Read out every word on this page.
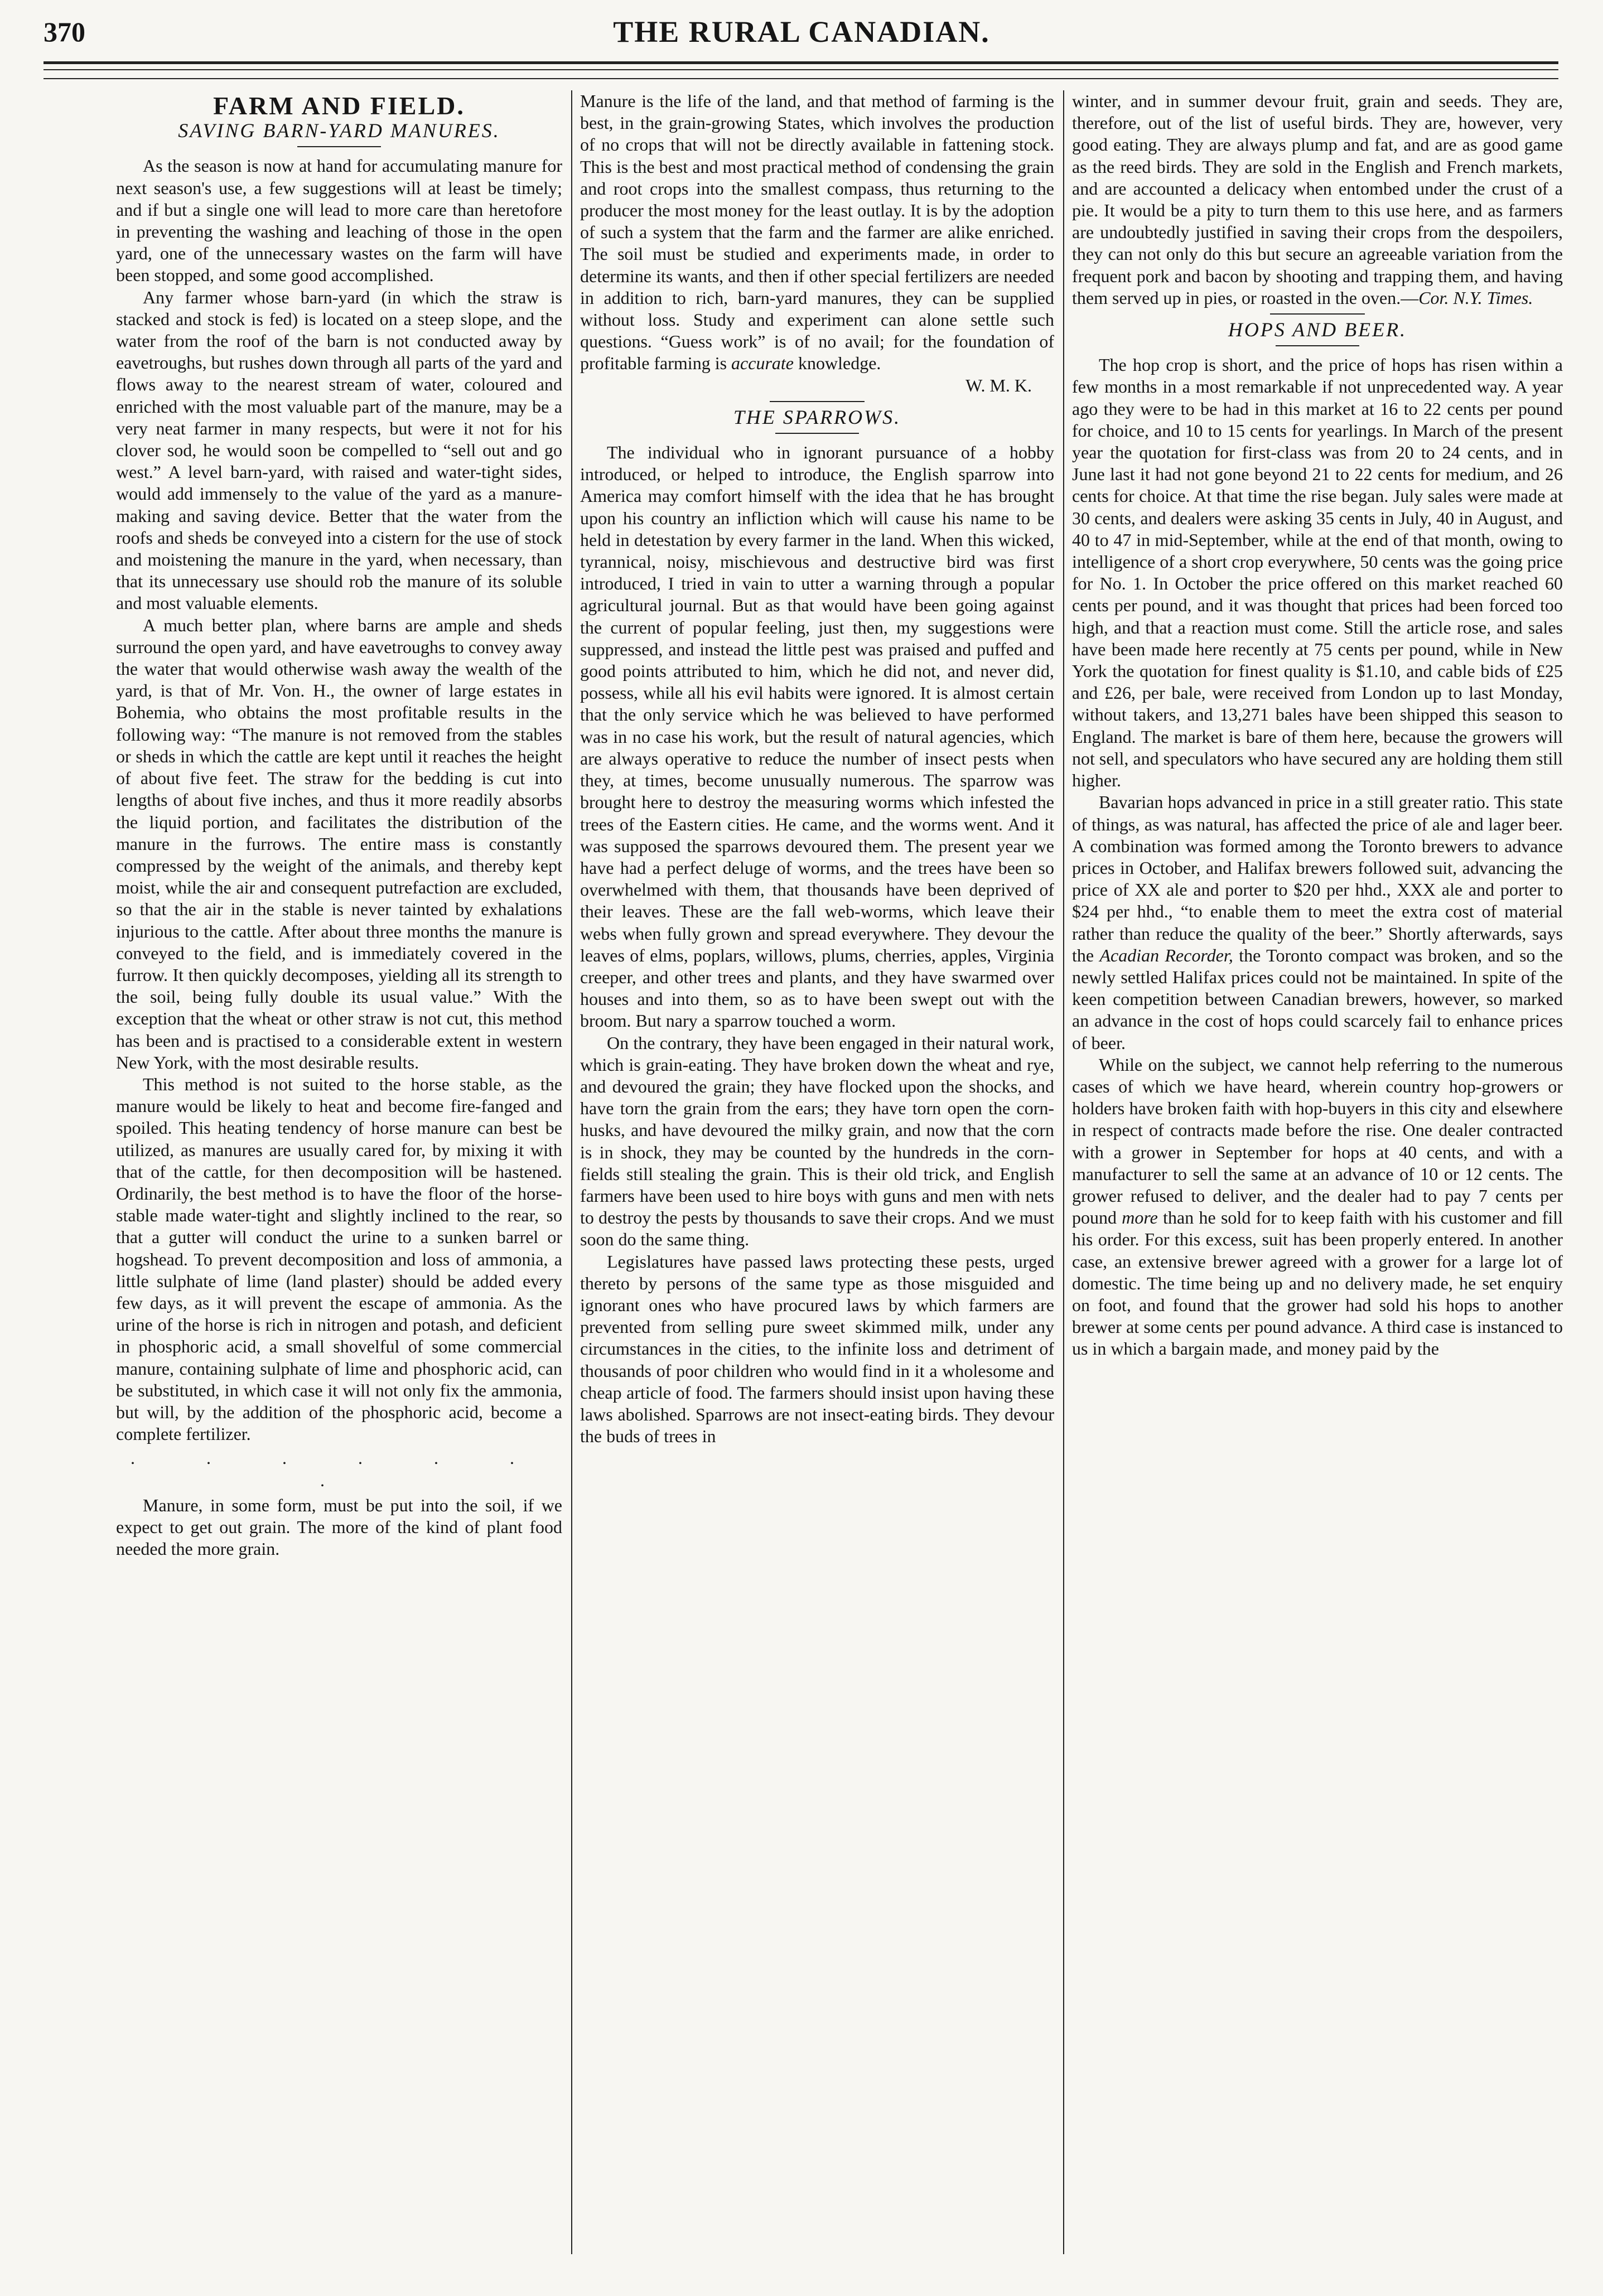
370	THE RURAL CANADIAN.
FARM AND FIELD.
SAVING BARN-YARD MANURES.

As the season is now at hand for accumulating manure for next season's use, a few suggestions will at least be timely; and if but a single one will lead to more care than heretofore in preventing the washing and leaching of those in the open yard, one of the unnecessary wastes on the farm will have been stopped, and some good accomplished.

Any farmer whose barn-yard (in which the straw is stacked and stock is fed) is located on a steep slope, and the water from the roof of the barn is not conducted away by eavetroughs, but rushes down through all parts of the yard and flows away to the nearest stream of water, coloured and enriched with the most valuable part of the manure, may be a very neat farmer in many respects, but were it not for his clover sod, he would soon be compelled to “sell out and go west.” A level barn-yard, with raised and water-tight sides, would add immensely to the value of the yard as a manure-making and saving device. Better that the water from the roofs and sheds be conveyed into a cistern for the use of stock and moistening the manure in the yard, when necessary, than that its unnecessary use should rob the manure of its soluble and most valuable elements.

A much better plan, where barns are ample and sheds surround the open yard, and have eavetroughs to convey away the water that would otherwise wash away the wealth of the yard, is that of Mr. Von. H., the owner of large estates in Bohemia, who obtains the most profitable results in the following way: “The manure is not removed from the stables or sheds in which the cattle are kept until it reaches the height of about five feet. The straw for the bedding is cut into lengths of about five inches, and thus it more readily absorbs the liquid portion, and facilitates the distribution of the manure in the furrows. The entire mass is constantly compressed by the weight of the animals, and thereby kept moist, while the air and consequent putrefaction are excluded, so that the air in the stable is never tainted by exhalations injurious to the cattle. After about three months the manure is conveyed to the field, and is immediately covered in the furrow. It then quickly decomposes, yielding all its strength to the soil, being fully double its usual value.” With the exception that the wheat or other straw is not cut, this method has been and is practised to a considerable extent in western New York, with the most desirable results.

This method is not suited to the horse stable, as the manure would be likely to heat and become fire-fanged and spoiled. This heating tendency of horse manure can best be utilized, as manures are usually cared for, by mixing it with that of the cattle, for then decomposition will be hastened. Ordinarily, the best method is to have the floor of the horse-stable made water-tight and slightly inclined to the rear, so that a gutter will conduct the urine to a sunken barrel or hogshead. To prevent decomposition and loss of ammonia, a little sulphate of lime (land plaster) should be added every few days, as it will prevent the escape of ammonia. As the urine of the horse is rich in nitrogen and potash, and deficient in phosphoric acid, a small shovelful of some commercial manure, containing sulphate of lime and phosphoric acid, can be substituted, in which case it will not only fix the ammonia, but will, by the addition of the phosphoric acid, become a complete fertilizer.

. . . . . . .

Manure, in some form, must be put into the soil, if we expect to get out grain. The more of the kind of plant food needed the more grain.

Manure is the life of the land, and that method of farming is the best, in the grain-growing States, which involves the production of no crops that will not be directly available in fattening stock. This is the best and most practical method of condensing the grain and root crops into the smallest compass, thus returning to the producer the most money for the least outlay. It is by the adoption of such a system that the farm and the farmer are alike enriched. The soil must be studied and experiments made, in order to determine its wants, and then if other special fertilizers are needed in addition to rich, barn-yard manures, they can be supplied without loss. Study and experiment can alone settle such questions. “Guess work” is of no avail; for the foundation of profitable farming is accurate knowledge.

W. M. K.

THE SPARROWS.

The individual who in ignorant pursuance of a hobby introduced, or helped to introduce, the English sparrow into America may comfort himself with the idea that he has brought upon his country an infliction which will cause his name to be held in detestation by every farmer in the land. When this wicked, tyrannical, noisy, mischievous and destructive bird was first introduced, I tried in vain to utter a warning through a popular agricultural journal. But as that would have been going against the current of popular feeling, just then, my suggestions were suppressed, and instead the little pest was praised and puffed and good points attributed to him, which he did not, and never did, possess, while all his evil habits were ignored. It is almost certain that the only service which he was believed to have performed was in no case his work, but the result of natural agencies, which are always operative to reduce the number of insect pests when they, at times, become unusually numerous. The sparrow was brought here to destroy the measuring worms which infested the trees of the Eastern cities. He came, and the worms went. And it was supposed the sparrows devoured them. The present year we have had a perfect deluge of worms, and the trees have been so overwhelmed with them, that thousands have been deprived of their leaves. These are the fall web-worms, which leave their webs when fully grown and spread everywhere. They devour the leaves of elms, poplars, willows, plums, cherries, apples, Virginia creeper, and other trees and plants, and they have swarmed over houses and into them, so as to have been swept out with the broom. But nary a sparrow touched a worm.

On the contrary, they have been engaged in their natural work, which is grain-eating. They have broken down the wheat and rye, and devoured the grain; they have flocked upon the shocks, and have torn the grain from the ears; they have torn open the corn-husks, and have devoured the milky grain, and now that the corn is in shock, they may be counted by the hundreds in the corn-fields still stealing the grain. This is their old trick, and English farmers have been used to hire boys with guns and men with nets to destroy the pests by thousands to save their crops. And we must soon do the same thing.

Legislatures have passed laws protecting these pests, urged thereto by persons of the same type as those misguided and ignorant ones who have procured laws by which farmers are prevented from selling pure sweet skimmed milk, under any circumstances in the cities, to the infinite loss and detriment of thousands of poor children who would find in it a wholesome and cheap article of food. The farmers should insist upon having these laws abolished. Sparrows are not insect-eating birds. They devour the buds of trees in

winter, and in summer devour fruit, grain and seeds. They are, therefore, out of the list of useful birds. They are, however, very good eating. They are always plump and fat, and are as good game as the reed birds. They are sold in the English and French markets, and are accounted a delicacy when entombed under the crust of a pie. It would be a pity to turn them to this use here, and as farmers are undoubtedly justified in saving their crops from the despoilers, they can not only do this but secure an agreeable variation from the frequent pork and bacon by shooting and trapping them, and having them served up in pies, or roasted in the oven.—Cor. N.Y. Times.

HOPS AND BEER.

The hop crop is short, and the price of hops has risen within a few months in a most remarkable if not unprecedented way. A year ago they were to be had in this market at 16 to 22 cents per pound for choice, and 10 to 15 cents for yearlings. In March of the present year the quotation for first-class was from 20 to 24 cents, and in June last it had not gone beyond 21 to 22 cents for medium, and 26 cents for choice. At that time the rise began. July sales were made at 30 cents, and dealers were asking 35 cents in July, 40 in August, and 40 to 47 in mid-September, while at the end of that month, owing to intelligence of a short crop everywhere, 50 cents was the going price for No. 1. In October the price offered on this market reached 60 cents per pound, and it was thought that prices had been forced too high, and that a reaction must come. Still the article rose, and sales have been made here recently at 75 cents per pound, while in New York the quotation for finest quality is $1.10, and cable bids of £25 and £26, per bale, were received from London up to last Monday, without takers, and 13,271 bales have been shipped this season to England. The market is bare of them here, because the growers will not sell, and speculators who have secured any are holding them still higher.

Bavarian hops advanced in price in a still greater ratio. This state of things, as was natural, has affected the price of ale and lager beer. A combination was formed among the Toronto brewers to advance prices in October, and Halifax brewers followed suit, advancing the price of XX ale and porter to $20 per hhd., XXX ale and porter to $24 per hhd., “to enable them to meet the extra cost of material rather than reduce the quality of the beer.” Shortly afterwards, says the Acadian Recorder, the Toronto compact was broken, and so the newly settled Halifax prices could not be maintained. In spite of the keen competition between Canadian brewers, however, so marked an advance in the cost of hops could scarcely fail to enhance prices of beer.

While on the subject, we cannot help referring to the numerous cases of which we have heard, wherein country hop-growers or holders have broken faith with hop-buyers in this city and elsewhere in respect of contracts made before the rise. One dealer contracted with a grower in September for hops at 40 cents, and with a manufacturer to sell the same at an advance of 10 or 12 cents. The grower refused to deliver, and the dealer had to pay 7 cents per pound more than he sold for to keep faith with his customer and fill his order. For this excess, suit has been properly entered. In another case, an extensive brewer agreed with a grower for a large lot of domestic. The time being up and no delivery made, he set enquiry on foot, and found that the grower had sold his hops to another brewer at some cents per pound advance. A third case is instanced to us in which a bargain made, and money paid by the
